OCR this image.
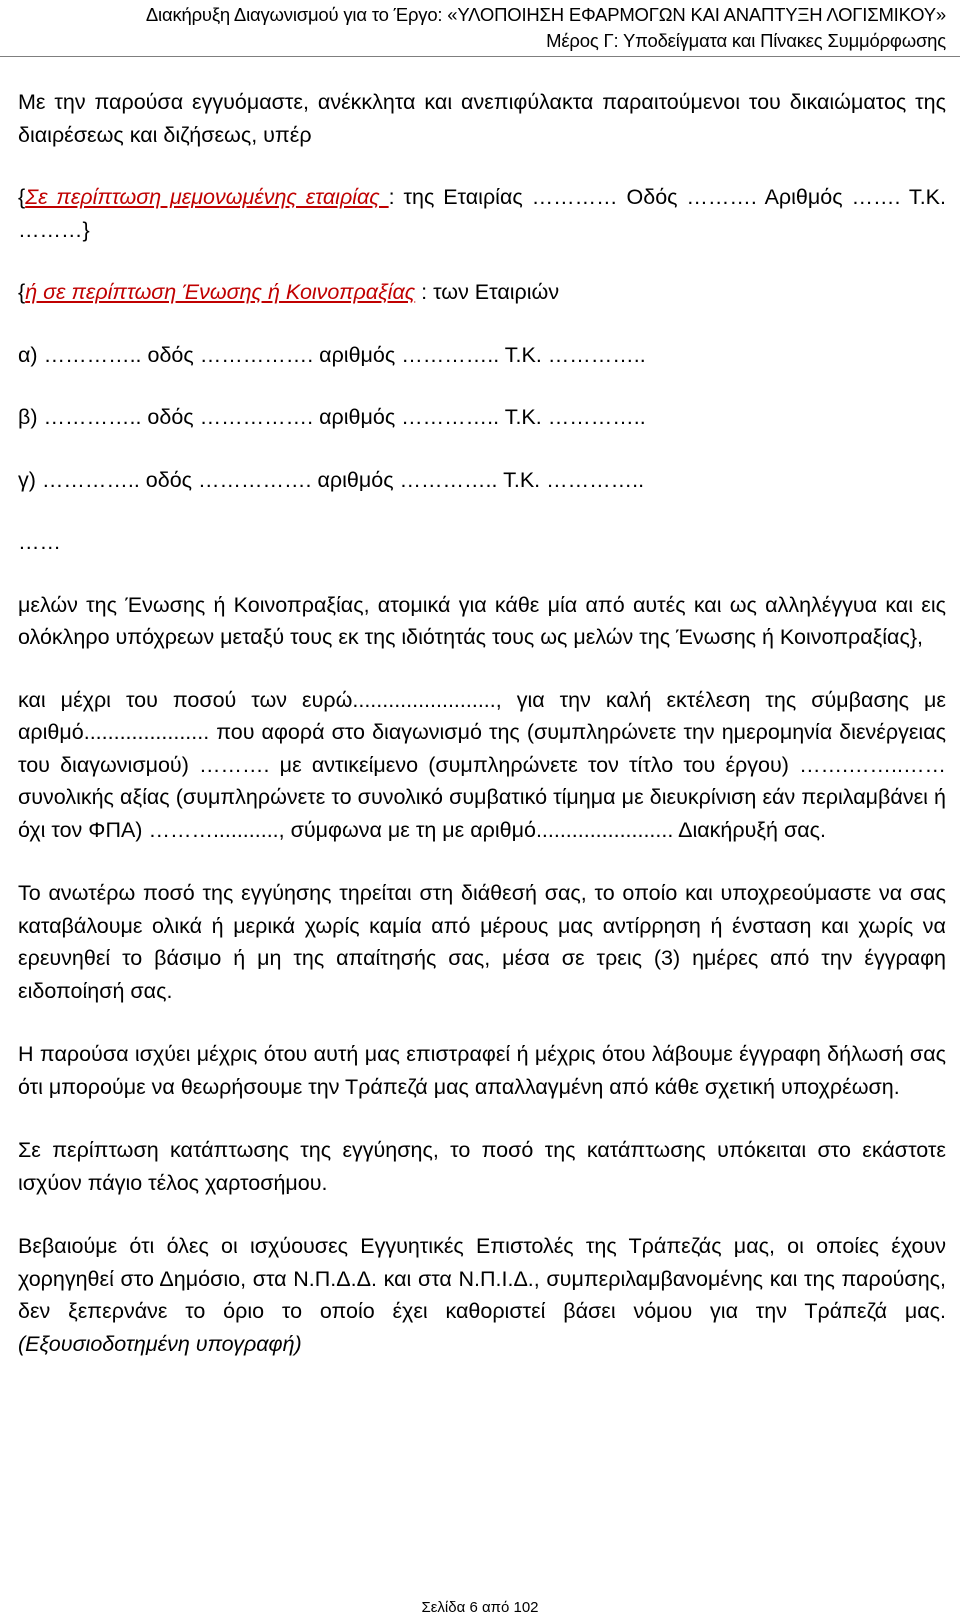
Διακήρυξη Διαγωνισμού για το Έργο: «ΥΛΟΠΟΙΗΣΗ ΕΦΑΡΜΟΓΩΝ ΚΑΙ ΑΝΑΠΤΥΞΗ ΛΟΓΙΣΜΙΚΟΥ»
Μέρος Γ: Υποδείγματα και Πίνακες Συμμόρφωσης

Με την παρούσα εγγυόμαστε, ανέκκλητα και ανεπιφύλακτα παραιτούμενοι του δικαιώματος της διαιρέσεως και διζήσεως, υπέρ

{Σε περίπτωση μεμονωμένης εταιρίας : της Εταιρίας ………… Οδός ………. Αριθμός ……. Τ.Κ. ………}

{ή σε περίπτωση Ένωσης ή Κοινοπραξίας : των Εταιριών

α) ………….. οδός ……………. αριθμός ………….. Τ.Κ. …………..

β) ………….. οδός ……………. αριθμός ………….. Τ.Κ. …………..

γ) ………….. οδός ……………. αριθμός ………….. Τ.Κ. …………..

……

μελών της Ένωσης ή Κοινοπραξίας, ατομικά για κάθε μία από αυτές και ως αλληλέγγυα και εις ολόκληρο υπόχρεων μεταξύ τους εκ της ιδιότητάς τους ως μελών της Ένωσης ή Κοινοπραξίας},

και μέχρι του ποσού των ευρώ........................, για την καλή εκτέλεση της σύμβασης με αριθμό..................... που αφορά στο διαγωνισμό της (συμπληρώνετε την ημερομηνία διενέργειας του διαγωνισμού) ………. με αντικείμενο (συμπληρώνετε τον τίτλο του έργου) …….……..…… συνολικής αξίας (συμπληρώνετε το συνολικό συμβατικό τίμημα με διευκρίνιση εάν περιλαμβάνει ή όχι τον ΦΠΑ) ………..........., σύμφωνα με τη με αριθμό....................... Διακήρυξή σας.

Το ανωτέρω ποσό της εγγύησης τηρείται στη διάθεσή σας, το οποίο και υποχρεούμαστε να σας καταβάλουμε ολικά ή μερικά χωρίς καμία από μέρους μας αντίρρηση ή ένσταση και χωρίς να ερευνηθεί το βάσιμο ή μη της απαίτησής σας, μέσα σε τρεις (3) ημέρες από την έγγραφη ειδοποίησή σας.

Η παρούσα ισχύει μέχρις ότου αυτή μας επιστραφεί ή μέχρις ότου λάβουμε έγγραφη δήλωσή σας ότι μπορούμε να θεωρήσουμε την Τράπεζά μας απαλλαγμένη από κάθε σχετική υποχρέωση.

Σε περίπτωση κατάπτωσης της εγγύησης, το ποσό της κατάπτωσης υπόκειται στο εκάστοτε ισχύον πάγιο τέλος χαρτοσήμου.

Βεβαιούμε ότι όλες οι ισχύουσες Εγγυητικές Επιστολές της Τράπεζάς μας, οι οποίες έχουν χορηγηθεί στο Δημόσιο, στα Ν.Π.Δ.Δ. και στα Ν.Π.Ι.Δ., συμπεριλαμβανομένης και της παρούσης, δεν ξεπερνάνε το όριο το οποίο έχει καθοριστεί βάσει νόμου για την Τράπεζά μας. (Εξουσιοδοτημένη υπογραφή)

Σελίδα 6 από 102
